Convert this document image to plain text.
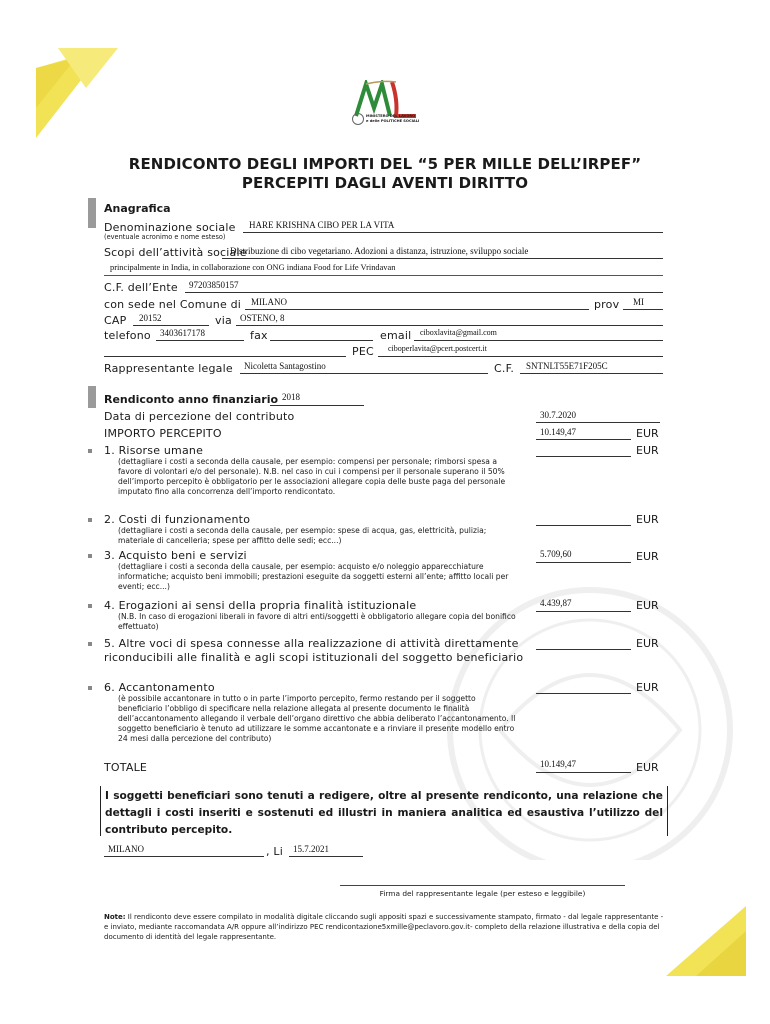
MINISTERO DEL LAVORO
e delle POLITICHE SOCIALI
RENDICONTO DEGLI IMPORTI DEL “5 PER MILLE DELL’IRPEF”
PERCEPITI DAGLI AVENTI DIRITTO
Anagrafica
Denominazione sociale HARE KRISHNA CIBO PER LA VITA
(eventuale acronimo e nome esteso)
Scopi dell’attività sociale
Distribuzione di cibo vegetariano. Adozioni a distanza, istruzione, sviluppo sociale
principalmente in India, in collaborazione con ONG indiana Food for Life Vrindavan
C.F. dell’Ente 97203850157
con sede nel Comune di MILANO	prov MI
CAP 20152	via OSTENO, 8
telefono 3403617178	fax	email ciboxlavita@gmail.com
PEC ciboperlavita@pcert.postcert.it
Rappresentante legale Nicoletta Santagostino	C.F. SNTNLT55E71F205C
Rendiconto anno finanziario 2018
Data di percezione del contributo	30.7.2020
IMPORTO PERCEPITO	10.149,47	EUR
1. Risorse umane
(dettagliare i costi a seconda della causale, per esempio: compensi per personale; rimborsi spesa a favore di volontari e/o del personale). N.B. nel caso in cui i compensi per il personale superano il 50% dell’importo percepito è obbligatorio per le associazioni allegare copia delle buste paga del personale imputato fino alla concorrenza dell’importo rendicontato.
EUR
2. Costi di funzionamento
(dettagliare i costi a seconda della causale, per esempio: spese di acqua, gas, elettricità, pulizia; materiale di cancelleria; spese per affitto delle sedi; ecc...)
EUR
3. Acquisto beni e servizi
(dettagliare i costi a seconda della causale, per esempio: acquisto e/o noleggio apparecchiature informatiche; acquisto beni immobili; prestazioni eseguite da soggetti esterni all’ente; affitto locali per eventi; ecc...)
5.709,60	EUR
4. Erogazioni ai sensi della propria finalità istituzionale
(N.B. In caso di erogazioni liberali in favore di altri enti/soggetti è obbligatorio allegare copia del bonifico effettuato)
4.439,87	EUR
5. Altre voci di spesa connesse alla realizzazione di attività direttamente riconducibili alle finalità e agli scopi istituzionali del soggetto beneficiario
EUR
6. Accantonamento
(è possibile accantonare in tutto o in parte l’importo percepito, fermo restando per il soggetto beneficiario l’obbligo di specificare nella relazione allegata al presente documento le finalità dell’accantonamento allegando il verbale dell’organo direttivo che abbia deliberato l’accantonamento. Il soggetto beneficiario è tenuto ad utilizzare le somme accantonate e a rinviare il presente modello entro 24 mesi dalla percezione del contributo)
EUR
TOTALE	10.149,47	EUR
I soggetti beneficiari sono tenuti a redigere, oltre al presente rendiconto, una relazione che dettagli i costi inseriti e sostenuti ed illustri in maniera analitica ed esaustiva l’utilizzo del contributo percepito.
MILANO	, Li 15.7.2021
Firma del rappresentante legale (per esteso e leggibile)
Note: Il rendiconto deve essere compilato in modalità digitale cliccando sugli appositi spazi e successivamente stampato, firmato - dal legale rappresentante - e inviato, mediante raccomandata A/R oppure all’indirizzo PEC rendicontazione5xmille@peclavoro.gov.it- completo della relazione illustrativa e della copia del documento di identità del legale rappresentante.
